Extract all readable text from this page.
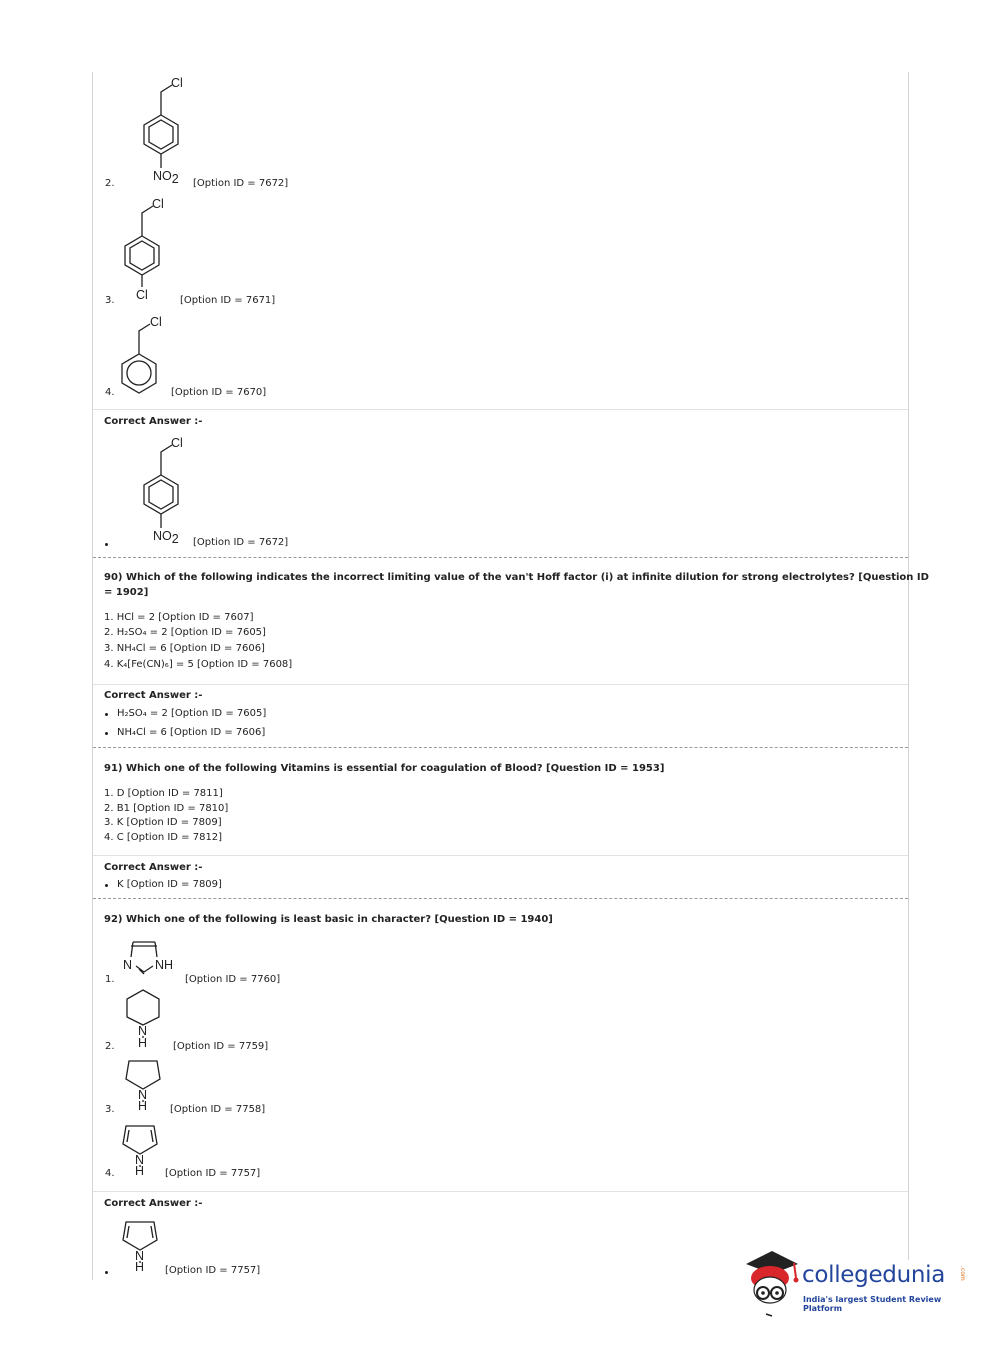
Cl
NO2
2.	[Option ID = 7672]
Cl
Cl
3.	[Option ID = 7671]
Cl
4.	[Option ID = 7670]
Correct Answer :-
Cl
NO2 [Option ID = 7672]
90) Which of the following indicates the incorrect limiting value of the van't Hoff factor (i) at infinite dilution for strong electrolytes? [Question ID
= 1902]
1. HCl = 2 [Option ID = 7607]
2. H₂SO₄ = 2 [Option ID = 7605]
3. NH₄Cl = 6 [Option ID = 7606]
4. K₄[Fe(CN)₆] = 5 [Option ID = 7608]
Correct Answer :-
H₂SO₄ = 2 [Option ID = 7605]
NH₄Cl = 6 [Option ID = 7606]
91) Which one of the following Vitamins is essential for coagulation of Blood? [Question ID = 1953]
1. D [Option ID = 7811]
2. B1 [Option ID = 7810]
3. K [Option ID = 7809]
4. C [Option ID = 7812]
Correct Answer :-
K [Option ID = 7809]
92) Which one of the following is least basic in character? [Question ID = 1940]
N NH
1.	[Option ID = 7760]
N
H
2.	[Option ID = 7759]
N
H
3.	[Option ID = 7758]
N
H
4.	[Option ID = 7757]
Correct Answer :-
N
H [Option ID = 7757]	collegedunia .com
India's largest Student Review Platform
